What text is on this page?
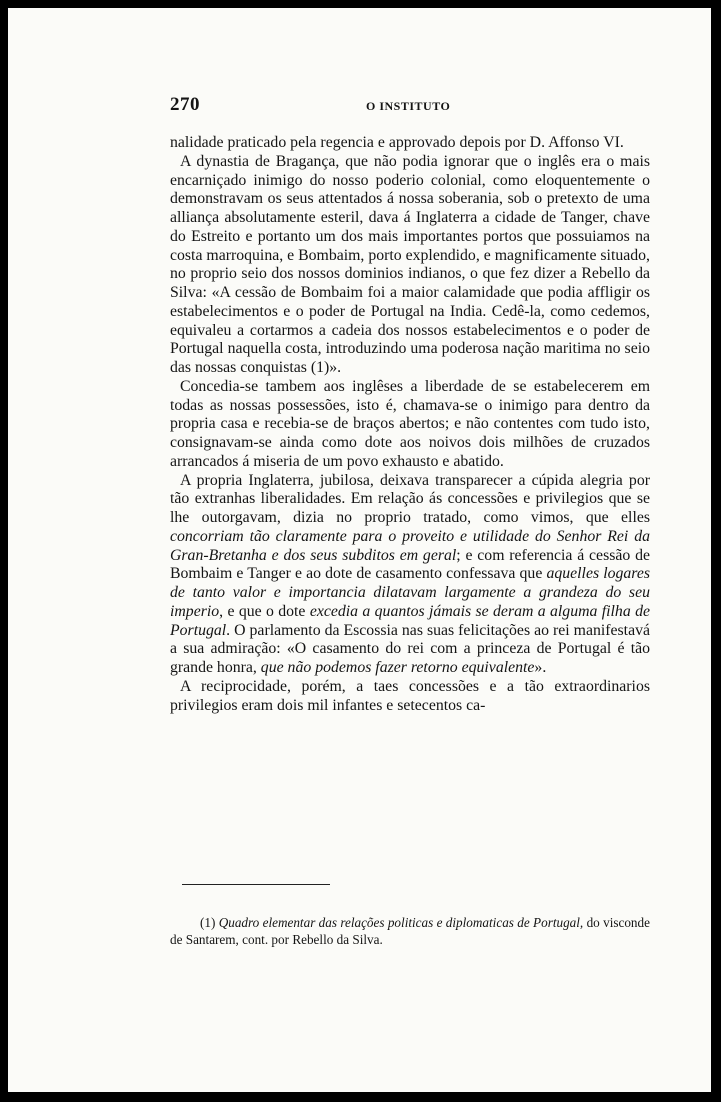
270	O INSTITUTO

nalidade praticado pela regencia e approvado depois por D. Affonso VI.

A dynastia de Bragança, que não podia ignorar que o inglês era o mais encarniçado inimigo do nosso poderio colonial, como eloquentemente o demonstravam os seus attentados á nossa soberania, sob o pretexto de uma alliança absolutamente esteril, dava á Inglaterra a cidade de Tanger, chave do Estreito e portanto um dos mais importantes portos que possuiamos na costa marroquina, e Bombaim, porto explendido, e magnificamente situado, no proprio seio dos nossos dominios indianos, o que fez dizer a Rebello da Silva: «A cessão de Bombaim foi a maior calamidade que podia affligir os estabelecimentos e o poder de Portugal na India. Cedê-la, como cedemos, equivaleu a cortarmos a cadeia dos nossos estabelecimentos e o poder de Portugal naquella costa, introduzindo uma poderosa nação maritima no seio das nossas conquistas (1)».

Concedia-se tambem aos inglêses a liberdade de se estabelecerem em todas as nossas possessões, isto é, chamava-se o inimigo para dentro da propria casa e recebia-se de braços abertos; e não contentes com tudo isto, consignavam-se ainda como dote aos noivos dois milhões de cruzados arrancados á miseria de um povo exhausto e abatido.

A propria Inglaterra, jubilosa, deixava transparecer a cúpida alegria por tão extranhas liberalidades. Em relação ás concessões e privilegios que se lhe outorgavam, dizia no proprio tratado, como vimos, que elles concorriam tão claramente para o proveito e utilidade do Senhor Rei da Gran-Bretanha e dos seus subditos em geral; e com referencia á cessão de Bombaim e Tanger e ao dote de casamento confessava que aquelles logares de tanto valor e importancia dilatavam largamente a grandeza do seu imperio, e que o dote excedia a quantos jámais se deram a alguma filha de Portugal. O parlamento da Escossia nas suas felicitações ao rei manifestavá a sua admiração: «O casamento do rei com a princeza de Portugal é tão grande honra, que não podemos fazer retorno equivalente».

A reciprocidade, porém, a taes concessões e a tão extraordinarios privilegios eram dois mil infantes e setecentos ca-

(1) Quadro elementar das relações politicas e diplomaticas de Portugal, do visconde de Santarem, cont. por Rebello da Silva.
